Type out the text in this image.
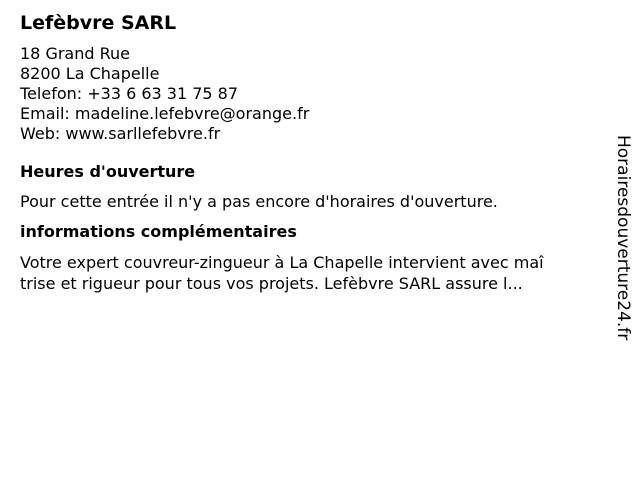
Lefèbvre SARL
18 Grand Rue
8200 La Chapelle
Telefon: +33 6 63 31 75 87
Email: madeline.lefebvre@orange.fr
Web: www.sarllefebvre.fr
Heures d'ouverture
Pour cette entrée il n'y a pas encore d'horaires d'ouverture.
informations complémentaires
Votre expert couvreur-zingueur à La Chapelle intervient avec maî
trise et rigueur pour tous vos projets. Lefèbvre SARL assure l...	Horairesdouverture24.fr
